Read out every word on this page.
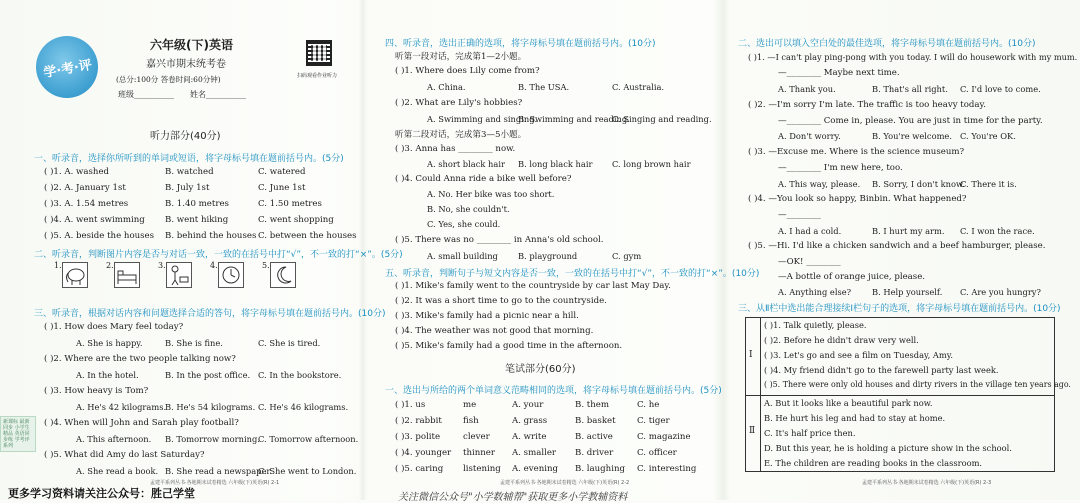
学·考·评
六年级(下)英语
嘉兴市期末统考卷
(总分:100分 答卷时间:60分钟)
班级__________ 姓名__________
扫码观看作业听力
听力部分(40分)
一、听录音，选择你所听到的单词或短语，将字母标号填在题前括号内。(5分)
( )1. A. washed	B. watched	C. watered
( )2. A. January 1st	B. July 1st	C. June 1st
( )3. A. 1.54 metres	B. 1.40 metres	C. 1.50 metres
( )4. A. went swimming B. went hiking	C. went shopping
( )5. A. beside the houses B. behind the houses C. between the houses
二、听录音，判断图片内容是否与对话一致，一致的在括号中打“√”，不一致的打“×”。(5分)
1.	2.	3.	4.	5.
三、听录音，根据对话内容和问题选择合适的答句，将字母标号填在题前括号内。(10分)
( )1. How does Mary feel today?
A. She is happy.	B. She is fine.	C. She is tired.
( )2. Where are the two people talking now?
A. In the hotel.	B. In the post office. C. In the bookstore.
( )3. How heavy is Tom?
A. He's 42 kilograms.
B. He's 54 kilograms. C. He's 46 kilograms.
( )4. When will John and Sarah play football?
A. This afternoon. B. Tomorrow morning.
C. Tomorrow afternoon.
( )5. What did Amy do last Saturday?
A. She read a book. B. She read a newspaper.
C. She went to London.
新课标 最新同步 小学生精品 英语同步练 学考评系列
孟建平系列丛书·各地期末试卷精选 六年级(下)英语(R) 2-1
更多学习资料请关注公众号：胜己学堂
四、听录音，选出正确的选项，将字母标号填在题前括号内。(10分)
听第一段对话，完成第1—2小题。
( )1. Where does Lily come from?
A. China.	B. The USA.	C. Australia.
( )2. What are Lily's hobbies?
A. Swimming and singing.
B. Swimming and reading.
C. Singing and reading.
听第二段对话，完成第3—5小题。
( )3. Anna has ________ now.
A. short black hair B. long black hair C. long brown hair
( )4. Could Anna ride a bike well before?
A. No. Her bike was too short.
B. No, she couldn't.
C. Yes, she could.
( )5. There was no ________ in Anna's old school.
A. small building B. playground	C. gym
五、听录音，判断句子与短文内容是否一致，一致的在括号中打“√”，不一致的打“×”。(10分)
( )1. Mike's family went to the countryside by car last May Day.
( )2. It was a short time to go to the countryside.
( )3. Mike's family had a picnic near a hill.
( )4. The weather was not good that morning.
( )5. Mike's family had a good time in the afternoon.
笔试部分(60分)
一、选出与所给的两个单词意义范畴相同的选项，将字母标号填在题前括号内。(5分)
( )1. us	me	A. your	B. them	C. he
( )2. rabbit fish	A. grass	B. basket C. tiger
( )3. polite	clever	A. write	B. active	C. magazine
( )4. younger thinner A. smaller B. driver	C. officer
( )5. caring listening A. evening B. laughing C. interesting
孟建平系列丛书·各地期末试卷精选 六年级(下)英语(R) 2-2
关注微信公众号"小学数辅帮"获取更多小学教辅资料
二、选出可以填入空白处的最佳选项，将字母标号填在题前括号内。(10分)
( )1. —I can't play ping-pong with you today. I will do housework with my mum.
—________ Maybe next time.
A. Thank you.	B. That's all right. C. I'd love to come.
( )2. —I'm sorry I'm late. The traffic is too heavy today.
—________ Come in, please. You are just in time for the party.
A. Don't worry.	B. You're welcome. C. You're OK.
( )3. —Excuse me. Where is the science museum?
—________ I'm new here, too.
A. This way, please. B. Sorry, I don't know.
C. There it is.
( )4. —You look so happy, Binbin. What happened?
—________
A. I had a cold.	B. I hurt my arm. C. I won the race.
( )5. —Hi. I'd like a chicken sandwich and a beef hamburger, please.
—OK! ________
—A bottle of orange juice, please.
A. Anything else?	B. Help yourself. C. Are you hungry?
三、从Ⅱ栏中选出能合理接续Ⅰ栏句子的选项，将字母标号填在题前括号内。(10分)
Ⅰ
Ⅱ
( )1. Talk quietly, please.
( )2. Before he didn't draw very well.
( )3. Let's go and see a film on Tuesday, Amy.
( )4. My friend didn't go to the farewell party last week.
( )5. There were only old houses and dirty rivers in the village ten years ago.
A. But it looks like a beautiful park now.
B. He hurt his leg and had to stay at home.
C. It's half price then.
D. But this year, he is holding a picture show in the school.
E. The children are reading books in the classroom.
孟建平系列丛书·各地期末试卷精选 六年级(下)英语(R) 2-3
